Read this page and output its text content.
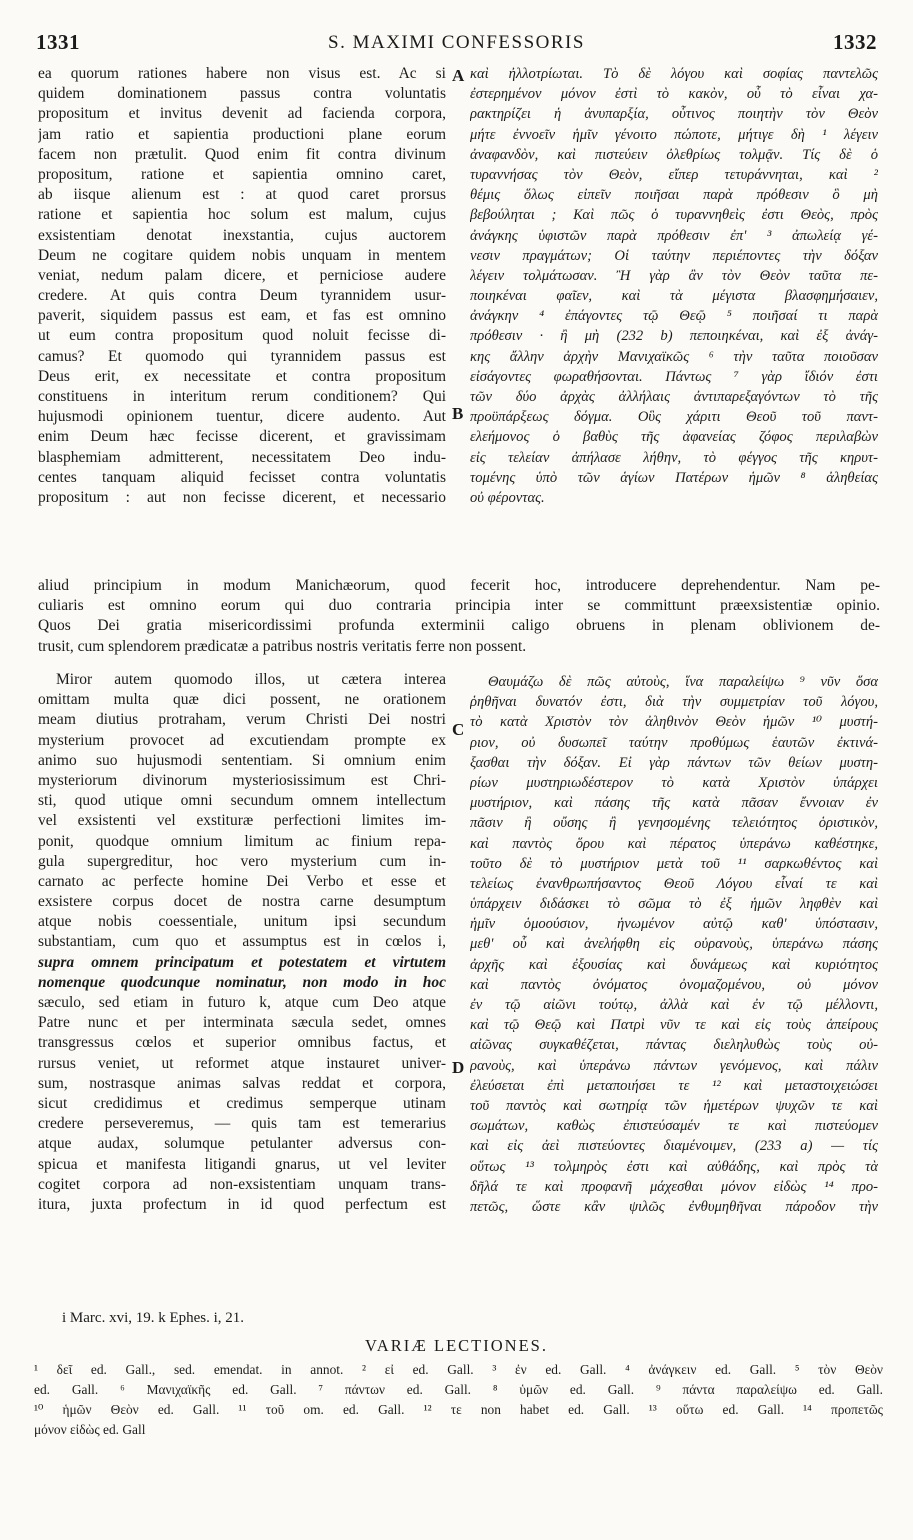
1331	S. MAXIMI CONFESSORIS	1332
ea quorum rationes habere non visus est. Ac si
quidem dominationem passus contra voluntatis
propositum et invitus devenit ad facienda corpora,
jam ratio et sapientia productioni plane eorum
facem non prætulit. Quod enim fit contra divinum
propositum, ratione et sapientia omnino caret,
ab iisque alienum est : at quod caret prorsus
ratione et sapientia hoc solum est malum, cujus
exsistentiam denotat inexstantia, cujus auctorem
Deum ne cogitare quidem nobis unquam in mentem
veniat, nedum palam dicere, et perniciose audere
credere. At quis contra Deum tyrannidem usur-
paverit, siquidem passus est eam, et fas est omnino
ut eum contra propositum quod noluit fecisse di-
camus? Et quomodo qui tyrannidem passus est
Deus erit, ex necessitate et contra propositum
constituens in interitum rerum conditionem? Qui
hujusmodi opinionem tuentur, dicere audento. Aut
enim Deum hæc fecisse dicerent, et gravissimam
blasphemiam admitterent, necessitatem Deo indu-
centes tanquam aliquid fecisset contra voluntatis
propositum : aut non fecisse dicerent, et necessario
καὶ ἠλλοτρίωται. Τὸ δὲ λόγου καὶ σοφίας παντελῶς
ἐστερημένον μόνον ἐστὶ τὸ κακὸν, οὗ τὸ εἶναι χα-
ρακτηρίζει ἡ ἀνυπαρξία, οὗτινος ποιητὴν τὸν Θεὸν
μήτε ἐννοεῖν ἡμῖν γένοιτο πώποτε, μήτιγε δὴ ¹ λέγειν
ἀναφανδὸν, καὶ πιστεύειν ὀλεθρίως τολμᾷν. Τίς δὲ ὁ
τυραννήσας τὸν Θεὸν, εἴπερ τετυράννηται, καὶ ²
θέμις ὅλως εἰπεῖν ποιῆσαι παρὰ πρόθεσιν ὃ μὴ
βεβούληται ; Καὶ πῶς ὁ τυραννηθεὶς ἐστι Θεὸς, πρὸς
ἀνάγκης ὑφιστῶν παρὰ πρόθεσιν ἐπ' ³ ἀπωλείᾳ γέ-
νεσιν πραγμάτων; Οἱ ταύτην περιέποντες τὴν δόξαν
λέγειν τολμάτωσαν. Ἢ γὰρ ἂν τὸν Θεὸν ταῦτα πε-
ποιηκέναι φαῖεν, καὶ τὰ μέγιστα βλασφημήσαιεν,
ἀνάγκην ⁴ ἐπάγοντες τῷ Θεῷ ⁵ ποιῆσαί τι παρὰ
πρόθεσιν · ἢ μὴ (232 b) πεποιηκέναι, καὶ ἐξ ἀνάγ-
κης ἄλλην ἀρχὴν Μανιχαϊκῶς ⁶ τὴν ταῦτα ποιοῦσαν
εἰσάγοντες φωραθήσονται. Πάντως ⁷ γὰρ ἴδιόν ἐστι
τῶν δύο ἀρχὰς ἀλλήλαις ἀντιπαρεξαγόντων τὸ τῆς
προϋπάρξεως δόγμα. Οὓς χάριτι Θεοῦ τοῦ παντ-
ελεήμονος ὁ βαθὺς τῆς ἀφανείας ζόφος περιλαβὼν
εἰς τελείαν ἀπήλασε λήθην, τὸ φέγγος τῆς κηρυτ-
τομένης ὑπὸ τῶν ἁγίων Πατέρων ἡμῶν ⁸ ἀληθείας
οὐ φέροντας.
aliud principium in modum Manichæorum, quod fecerit hoc, introducere deprehendentur. Nam pe-
culiaris est omnino eorum qui duo contraria principia inter se committunt præexsistentiæ opinio.
Quos Dei gratia misericordissimi profunda exterminii caligo obruens in plenam oblivionem de-
trusit, cum splendorem prædicatæ a patribus nostris veritatis ferre non possent.
Miror autem quomodo illos, ut cætera interea
omittam multa quæ dici possent, ne orationem
meam diutius protraham, verum Christi Dei nostri
mysterium provocet ad excutiendam prompte ex
animo suo hujusmodi sententiam. Si omnium enim
mysteriorum divinorum mysteriosissimum est Chri-
sti, quod utique omni secundum omnem intellectum
vel exsistenti vel exstituræ perfectioni limites im-
ponit, quodque omnium limitum ac finium repa-
gula supergreditur, hoc vero mysterium cum in-
carnato ac perfecte homine Dei Verbo et esse et
exsistere corpus docet de nostra carne desumptum
atque nobis coessentiale, unitum ipsi secundum
substantiam, cum quo et assumptus est in cœlos i,
supra omnem principatum et potestatem et virtutem
nomenque quodcunque nominatur, non modo in hoc
sæculo, sed etiam in futuro k, atque cum Deo atque
Patre nunc et per interminata sæcula sedet, omnes
transgressus cœlos et superior omnibus factus, et
rursus veniet, ut reformet atque instauret univer-
sum, nostrasque animas salvas reddat et corpora,
sicut credidimus et credimus semperque utinam
credere perseveremus, — quis tam est temerarius
atque audax, solumque petulanter adversus con-
spicua et manifesta litigandi gnarus, ut vel leviter
cogitet corpora ad non-exsistentiam unquam trans-
itura, juxta profectum in id quod perfectum est
Θαυμάζω δὲ πῶς αὐτοὺς, ἵνα παραλείψω ⁹ νῦν ὅσα
ῥηθῆναι δυνατόν ἐστι, διὰ τὴν συμμετρίαν τοῦ λόγου,
τὸ κατὰ Χριστὸν τὸν ἀληθινὸν Θεὸν ἡμῶν ¹⁰ μυστή-
ριον, οὐ δυσωπεῖ ταύτην προθύμως ἑαυτῶν ἐκτινά-
ξασθαι τὴν δόξαν. Εἰ γὰρ πάντων τῶν θείων μυστη-
ρίων μυστηριωδέστερον τὸ κατὰ Χριστὸν ὑπάρχει
μυστήριον, καὶ πάσης τῆς κατὰ πᾶσαν ἔννοιαν ἐν
πᾶσιν ἢ οὔσης ἢ γενησομένης τελειότητος ὁριστικὸν,
καὶ παντὸς ὅρου καὶ πέρατος ὑπεράνω καθέστηκε,
τοῦτο δὲ τὸ μυστήριον μετὰ τοῦ ¹¹ σαρκωθέντος καὶ
τελείως ἐνανθρωπήσαντος Θεοῦ Λόγου εἶναί τε καὶ
ὑπάρχειν διδάσκει τὸ σῶμα τὸ ἐξ ἡμῶν ληφθὲν καὶ
ἡμῖν ὁμοούσιον, ἡνωμένον αὐτῷ καθ' ὑπόστασιν,
μεθ' οὗ καὶ ἀνελήφθη εἰς οὐρανοὺς, ὑπεράνω πάσης
ἀρχῆς καὶ ἐξουσίας καὶ δυνάμεως καὶ κυριότητος
καὶ παντὸς ὀνόματος ὀνομαζομένου, οὐ μόνον
ἐν τῷ αἰῶνι τούτῳ, ἀλλὰ καὶ ἐν τῷ μέλλοντι,
καὶ τῷ Θεῷ καὶ Πατρὶ νῦν τε καὶ εἰς τοὺς ἀπείρους
αἰῶνας συγκαθέζεται, πάντας διεληλυθὼς τοὺς οὐ-
ρανοὺς, καὶ ὑπεράνω πάντων γενόμενος, καὶ πάλιν
ἐλεύσεται ἐπὶ μεταποιήσει τε ¹² καὶ μεταστοιχειώσει
τοῦ παντὸς καὶ σωτηρίᾳ τῶν ἡμετέρων ψυχῶν τε καὶ
σωμάτων, καθὼς ἐπιστεύσαμέν τε καὶ πιστεύομεν
καὶ εἰς ἀεὶ πιστεύοντες διαμένοιμεν, (233 a) — τίς
οὕτως ¹³ τολμηρὸς ἐστι καὶ αὐθάδης, καὶ πρὸς τὰ
δῆλά τε καὶ προφανῆ μάχεσθαι μόνον εἰδὼς ¹⁴ προ-
πετῶς, ὥστε κἂν ψιλῶς ἐνθυμηθῆναι πάροδον τὴν
A
B
C
D
i Marc. xvi, 19. k Ephes. i, 21.
VARIÆ LECTIONES.
¹ δεῖ ed. Gall., sed. emendat. in annot. ² εἰ ed. Gall. ³ ἐν ed. Gall. ⁴ ἀνάγκειν ed. Gall. ⁵ τὸν Θεὸν
ed. Gall. ⁶ Μανιχαϊκῆς ed. Gall. ⁷ πάντων ed. Gall. ⁸ ὑμῶν ed. Gall. ⁹ πάντα παραλείψω ed. Gall.
¹⁰ ἡμῶν Θεὸν ed. Gall. ¹¹ τοῦ om. ed. Gall. ¹² τε non habet ed. Gall. ¹³ οὕτω ed. Gall. ¹⁴ προπετῶς
μόνον εἰδὼς ed. Gall
